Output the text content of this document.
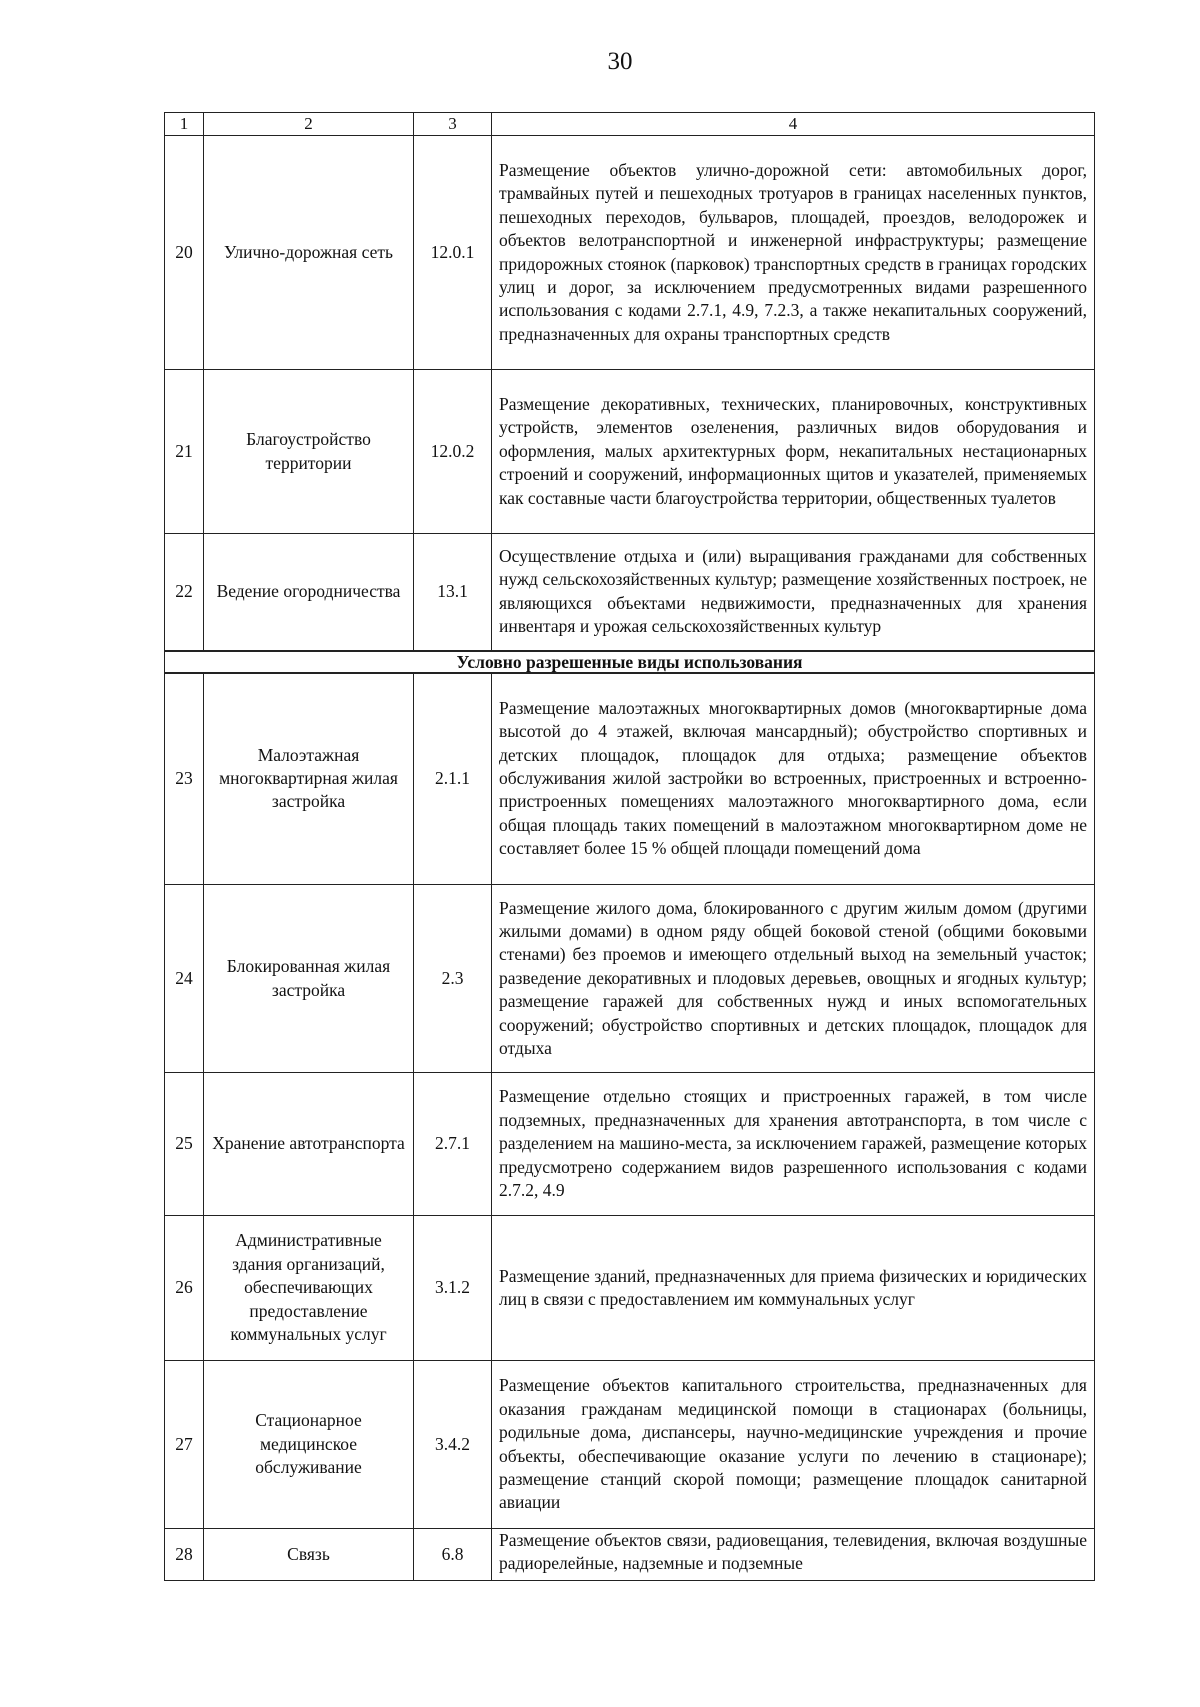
30
1	2	3	4
20	Улично-дорожная сеть	12.0.1	Размещение объектов улично-дорожной сети: автомобильных дорог, трамвайных путей и пешеходных тротуаров в границах населенных пунктов, пешеходных переходов, бульваров, площадей, проездов, велодорожек и объектов велотранспортной и инженерной инфраструктуры; размещение придорожных стоянок (парковок) транспортных средств в границах городских улиц и дорог, за исключением предусмотренных видами разрешенного использования с кодами 2.7.1, 4.9, 7.2.3, а также некапитальных сооружений, предназначенных для охраны транспортных средств
21	Благоустройство территории	12.0.2	Размещение декоративных, технических, планировочных, конструктивных устройств, элементов озеленения, различных видов оборудования и оформления, малых архитектурных форм, некапитальных нестационарных строений и сооружений, информационных щитов и указателей, применяемых как составные части благоустройства территории, общественных туалетов
22	Ведение огородничества	13.1	Осуществление отдыха и (или) выращивания гражданами для собственных нужд сельскохозяйственных культур; размещение хозяйственных построек, не являющихся объектами недвижимости, предназначенных для хранения инвентаря и урожая сельскохозяйственных культур
Условно разрешенные виды использования			
23	Малоэтажная многоквартирная жилая застройка	2.1.1	Размещение малоэтажных многоквартирных домов (многоквартирные дома высотой до 4 этажей, включая мансардный); обустройство спортивных и детских площадок, площадок для отдыха; размещение объектов обслуживания жилой застройки во встроенных, пристроенных и встроенно-пристроенных помещениях малоэтажного многоквартирного дома, если общая площадь таких помещений в малоэтажном многоквартирном доме не составляет более 15 % общей площади помещений дома
24	Блокированная жилая застройка	2.3	Размещение жилого дома, блокированного с другим жилым домом (другими жилыми домами) в одном ряду общей боковой стеной (общими боковыми стенами) без проемов и имеющего отдельный выход на земельный участок; разведение декоративных и плодовых деревьев, овощных и ягодных культур; размещение гаражей для собственных нужд и иных вспомогательных сооружений; обустройство спортивных и детских площадок, площадок для отдыха
25	Хранение автотранспорта	2.7.1	Размещение отдельно стоящих и пристроенных гаражей, в том числе подземных, предназначенных для хранения автотранспорта, в том числе с разделением на машино-места, за исключением гаражей, размещение которых предусмотрено содержанием видов разрешенного использования с кодами 2.7.2, 4.9
26	Административные здания организаций, обеспечивающих предоставление коммунальных услуг	3.1.2	Размещение зданий, предназначенных для приема физических и юридических лиц в связи с предоставлением им коммунальных услуг
27	Стационарное медицинское обслуживание	3.4.2	Размещение объектов капитального строительства, предназначенных для оказания гражданам медицинской помощи в стационарах (больницы, родильные дома, диспансеры, научно-медицинские учреждения и прочие объекты, обеспечивающие оказание услуги по лечению в стационаре); размещение станций скорой помощи; размещение площадок санитарной авиации
28	Связь	6.8	Размещение объектов связи, радиовещания, телевидения, включая воздушные радиорелейные, надземные и подземные
